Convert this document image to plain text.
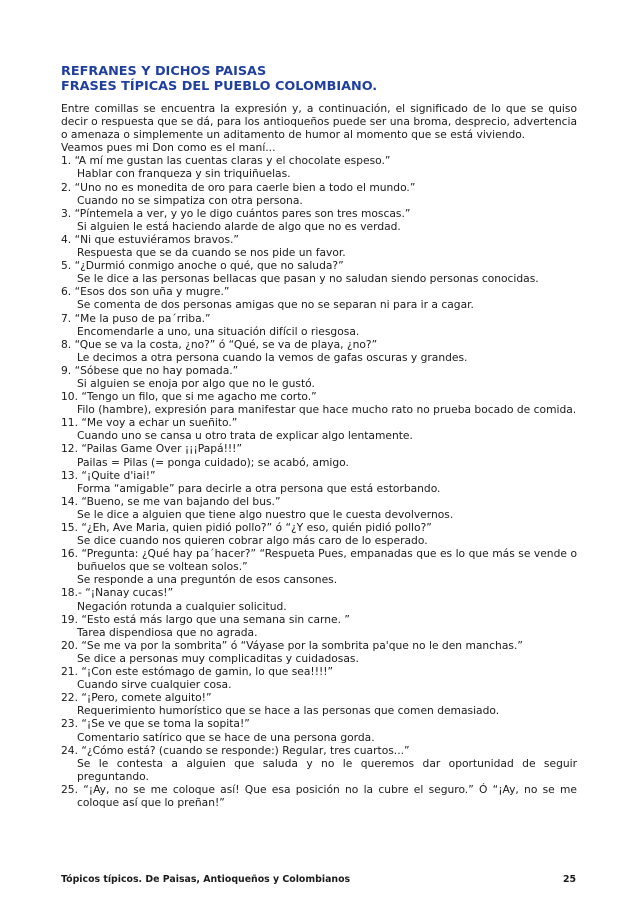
REFRANES Y DICHOS PAISAS

FRASES TÍPICAS DEL PUEBLO COLOMBIANO.

Entre comillas se encuentra la expresión y, a continuación, el significado de lo que se quiso decir o respuesta que se dá, para los antioqueños puede ser una broma, desprecio, advertencia o amenaza o simplemente un aditamento de humor al momento que se está viviendo.

Veamos pues mi Don como es el maní...

1. “A mí me gustan las cuentas claras y el chocolate espeso.”

Hablar con franqueza y sin triquiñuelas.

2. “Uno no es monedita de oro para caerle bien a todo el mundo.”

Cuando no se simpatiza con otra persona.

3. “Píntemela a ver, y yo le digo cuántos pares son tres moscas.”

Si alguien le está haciendo alarde de algo que no es verdad.

4. “Ni que estuviéramos bravos.”

Respuesta que se da cuando se nos pide un favor.

5. “¿Durmió conmigo anoche o qué, que no saluda?”

Se le dice a las personas bellacas que pasan y no saludan siendo personas conocidas.

6. “Esos dos son uña y mugre.”

Se comenta de dos personas amigas que no se separan ni para ir a cagar.

7. “Me la puso de pa´rriba.”

Encomendarle a uno, una situación difícil o riesgosa.

8. “Que se va la costa, ¿no?” ó “Qué, se va de playa, ¿no?”

Le decimos a otra persona cuando la vemos de gafas oscuras y grandes.

9. “Sóbese que no hay pomada.”

Si alguien se enoja por algo que no le gustó.

10. “Tengo un filo, que si me agacho me corto.”

Filo (hambre), expresión para manifestar que hace mucho rato no prueba bocado de comida.

11. “Me voy a echar un sueñito.”

Cuando uno se cansa u otro trata de explicar algo lentamente.

12. “Pailas Game Over ¡¡¡Papá!!!”

Pailas = Pilas (= ponga cuidado); se acabó, amigo.

13. “¡Quite d'iai!”

Forma “amigable” para decirle a otra persona que está estorbando.

14. “Bueno, se me van bajando del bus.”

Se le dice a alguien que tiene algo nuestro que le cuesta devolvernos.

15. “¿Eh, Ave Maria, quien pidió pollo?” ó “¿Y eso, quién pidió pollo?”

Se dice cuando nos quieren cobrar algo más caro de lo esperado.

16. “Pregunta: ¿Qué hay pa´hacer?” “Respueta Pues, empanadas que es lo que más se vende o buñuelos que se voltean solos.”

Se responde a una preguntón de esos cansones.

18.- “¡Nanay cucas!”

Negación rotunda a cualquier solicitud.

19. “Esto está más largo que una semana sin carne. ”

Tarea dispendiosa que no agrada.

20. “Se me va por la sombrita” ó “Váyase por la sombrita pa'que no le den manchas.”

Se dice a personas muy complicaditas y cuidadosas.

21. “¡Con este estómago de gamin, lo que sea!!!!”

Cuando sirve cualquier cosa.

22. “¡Pero, comete alguito!”

Requerimiento humorístico que se hace a las personas que comen demasiado.

23. “¡Se ve que se toma la sopita!”

Comentario satírico que se hace de una persona gorda.

24. “¿Cómo está? (cuando se responde:) Regular, tres cuartos...”

Se le contesta a alguien que saluda y no le queremos dar oportunidad de seguir preguntando.

25. “¡Ay, no se me coloque así! Que esa posición no la cubre el seguro.” Ó “¡Ay, no se me coloque así que lo preñan!”

Tópicos típicos. De Paisas, Antioqueños y Colombianos	25
